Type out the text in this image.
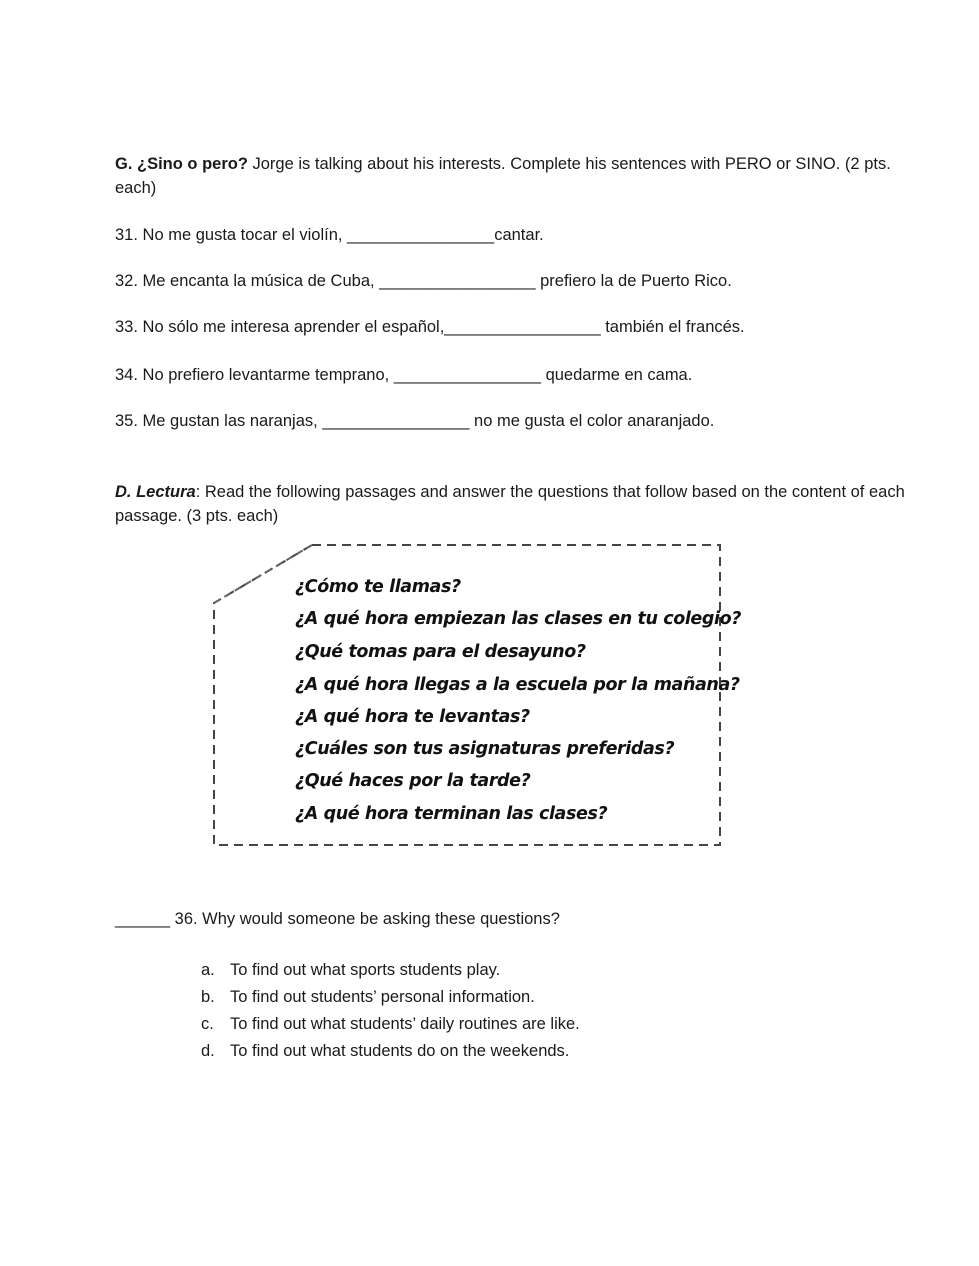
G. ¿Sino o pero? Jorge is talking about his interests. Complete his sentences with PERO or SINO. (2 pts. each)
31. No me gusta tocar el violín, ________________cantar.
32. Me encanta la música de Cuba, _________________ prefiero la de Puerto Rico.
33. No sólo me interesa aprender el español,_________________ también el francés.
34. No prefiero levantarme temprano, ________________ quedarme en cama.
35. Me gustan las naranjas, ________________ no me gusta el color anaranjado.
D. Lectura: Read the following passages and answer the questions that follow based on the content of each passage. (3 pts. each)
¿Cómo te llamas?
¿A qué hora empiezan las clases en tu colegio?
¿Qué tomas para el desayuno?
¿A qué hora llegas a la escuela por la mañana?
¿A qué hora te levantas?
¿Cuáles son tus asignaturas preferidas?
¿Qué haces por la tarde?
¿A qué hora terminan las clases?
______ 36. Why would someone be asking these questions?
a. To find out what sports students play.
b. To find out students’ personal information.
c. To find out what students’ daily routines are like.
d. To find out what students do on the weekends.
